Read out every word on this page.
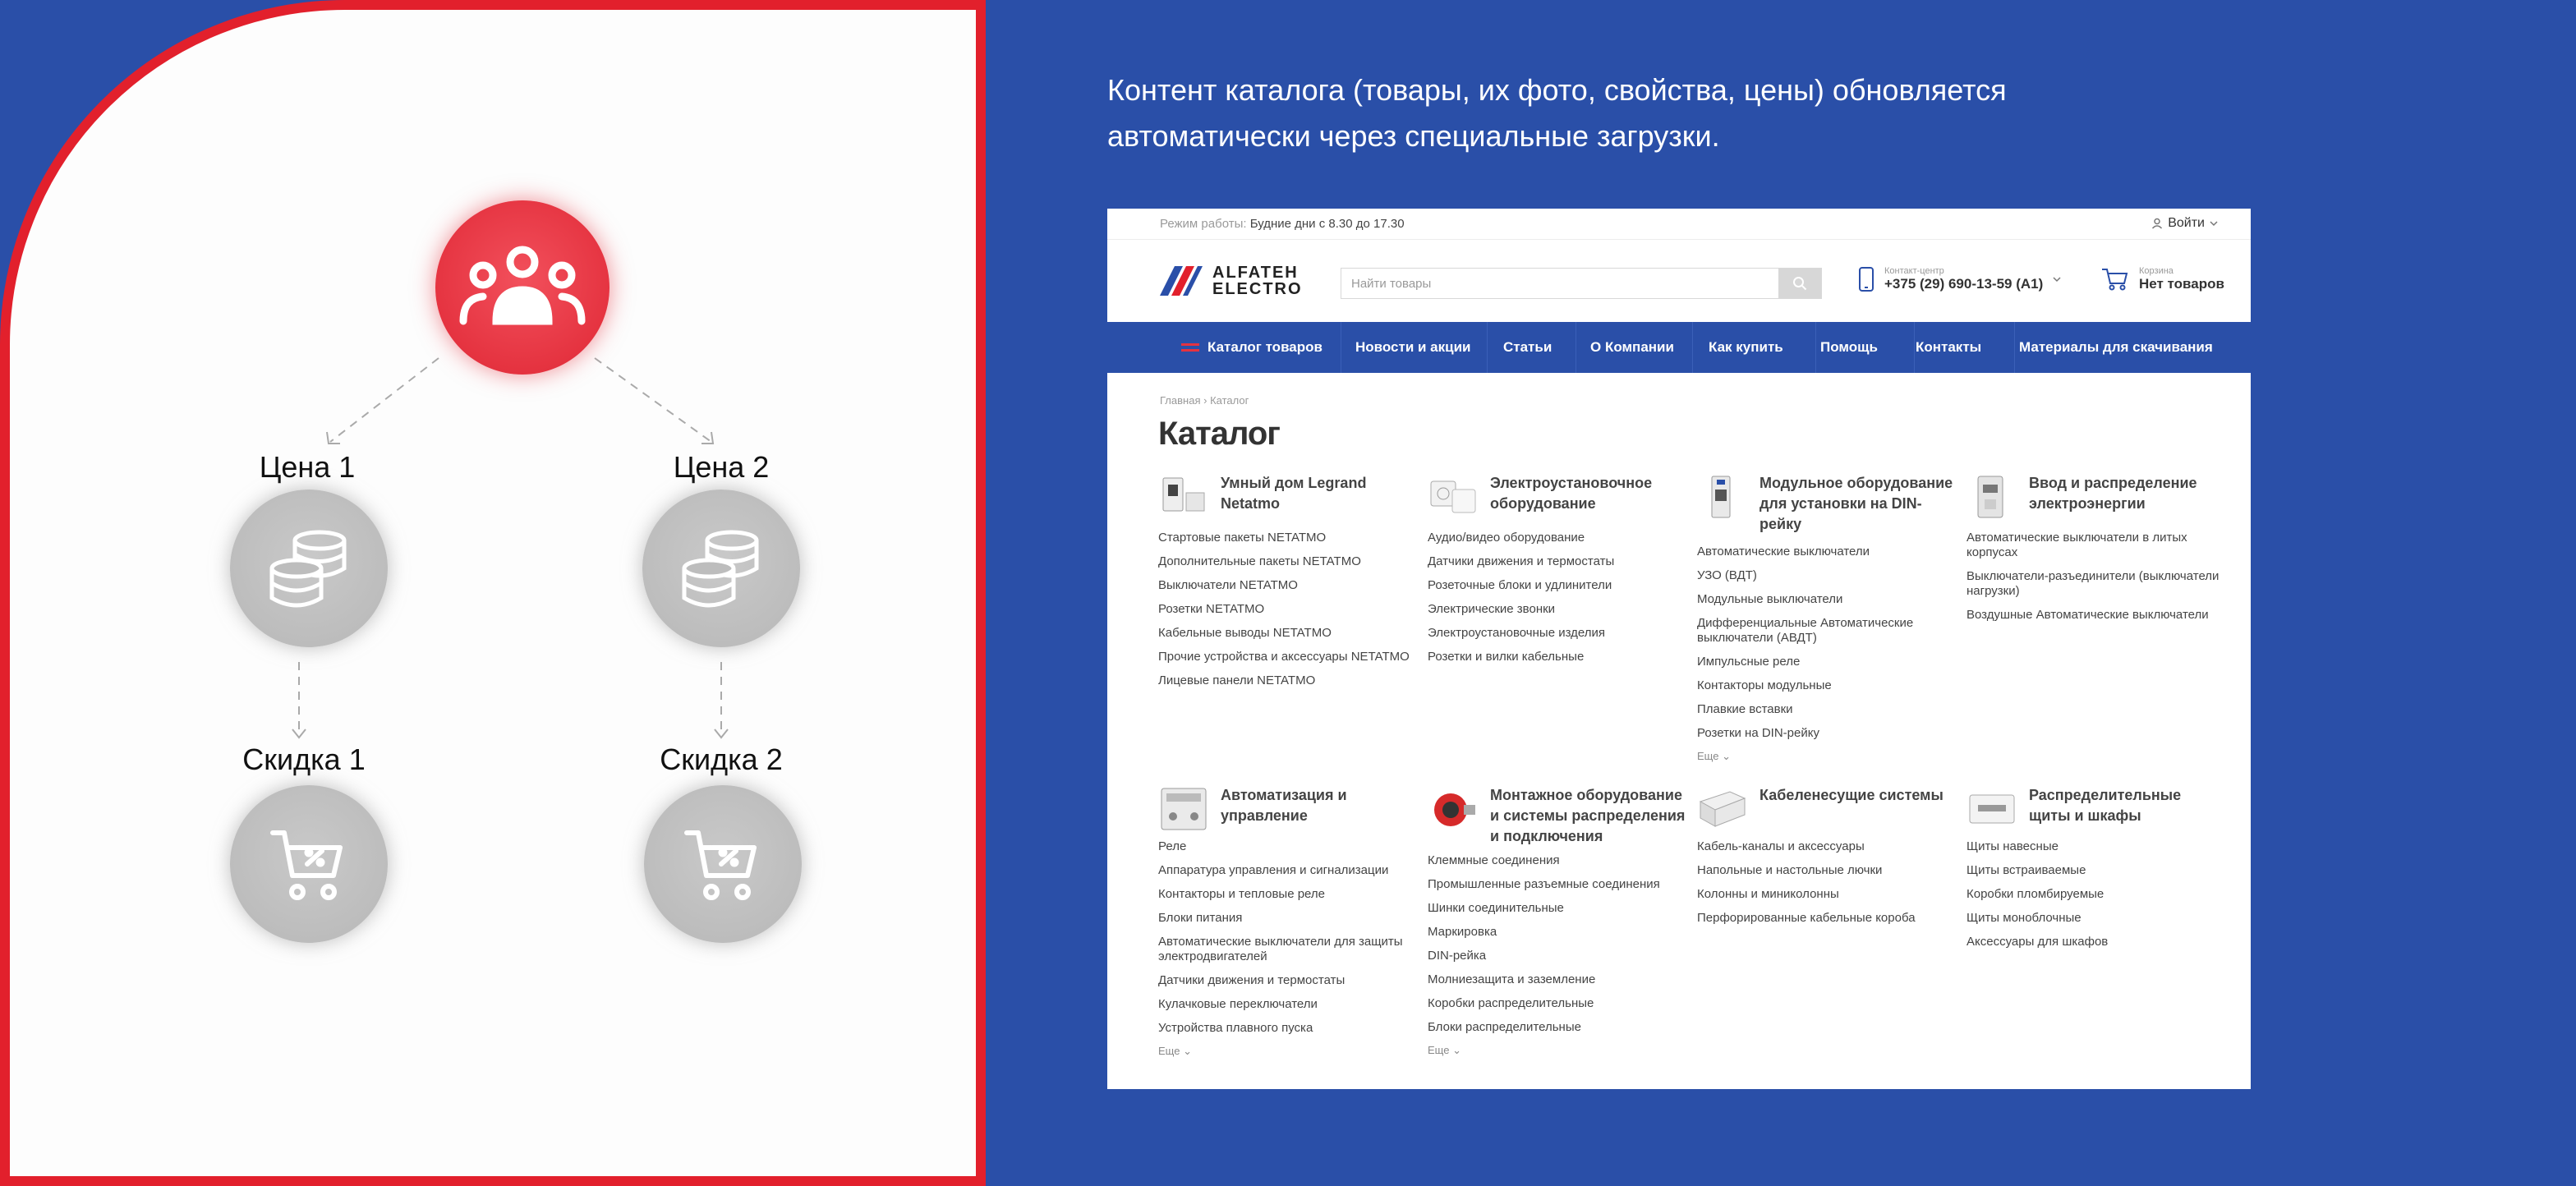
Цена 1	Цена 2
Скидка 1	Скидка 2
Контент каталога (товары, их фото, свойства, цены) обновляется автоматически через специальные загрузки.
Режим работы: Будние дни с 8.30 до 17.30	Войти
ALFATEH
ELECTRO	Найти товары
Контакт-центр
+375 (29) 690-13-59 (A1)
Корзина
Нет товаров
Каталог товаров Новости и акции Статьи	О Компании Как купить	Помощь	Контакты	Материалы для скачивания
Главная › Каталог
Каталог
Умный дом Legrand Netatmo
Стартовые пакеты NETATMO
Дополнительные пакеты NETATMO
Выключатели NETATMO
Розетки NETATMO
Кабельные выводы NETATMO
Прочие устройства и аксессуары NETATMO
Лицевые панели NETATMO
Электроустановочное оборудование
Аудио/видео оборудование
Датчики движения и термостаты
Розеточные блоки и удлинители
Электрические звонки
Электроустановочные изделия
Розетки и вилки кабельные
Модульное оборудование для установки на DIN-рейку
Автоматические выключатели
УЗО (ВДТ)
Модульные выключатели
Дифференциальные Автоматические выключатели (АВДТ)
Импульсные реле
Контакторы модульные
Плавкие вставки
Розетки на DIN-рейку
Еще ⌄
Ввод и распределение электроэнергии
Автоматические выключатели в литых корпусах
Выключатели-разъединители (выключатели нагрузки)
Воздушные Автоматические выключатели
Автоматизация и управление
Реле
Аппаратура управления и сигнализации
Контакторы и тепловые реле
Блоки питания
Автоматические выключатели для защиты электродвигателей
Датчики движения и термостаты
Кулачковые переключатели
Устройства плавного пуска
Еще ⌄
Монтажное оборудование и системы распределения и подключения
Клеммные соединения
Промышленные разъемные соединения
Шинки соединительные
Маркировка
DIN-рейка
Молниезащита и заземление
Коробки распределительные
Блоки распределительные
Еще ⌄
Кабеленесущие системы
Кабель-каналы и аксессуары
Напольные и настольные лючки
Колонны и миниколонны
Перфорированные кабельные короба
Распределительные щиты и шкафы
Щиты навесные
Щиты встраиваемые
Коробки пломбируемые
Щиты моноблочные
Аксессуары для шкафов
